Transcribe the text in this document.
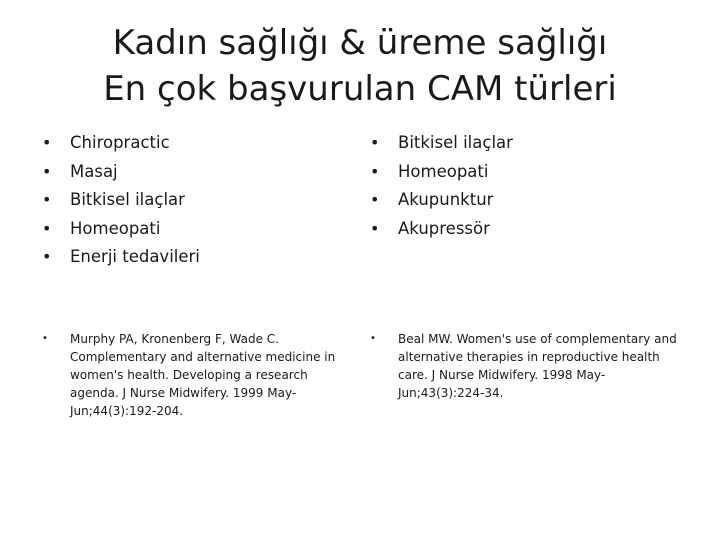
Kadın sağlığı & üreme sağlığı
En çok başvurulan CAM türleri
• Chiropractic
• Masaj
• Bitkisel ilaçlar
• Homeopati
• Enerji tedavileri
• Bitkisel ilaçlar
• Homeopati
• Akupunktur
• Akupressör
• Murphy PA, Kronenberg F, Wade C. Complementary and alternative medicine in women's health. Developing a research agenda. J Nurse Midwifery. 1999 May-Jun;44(3):192-204.
• Beal MW. Women's use of complementary and alternative therapies in reproductive health care. J Nurse Midwifery. 1998 May-Jun;43(3):224-34.
